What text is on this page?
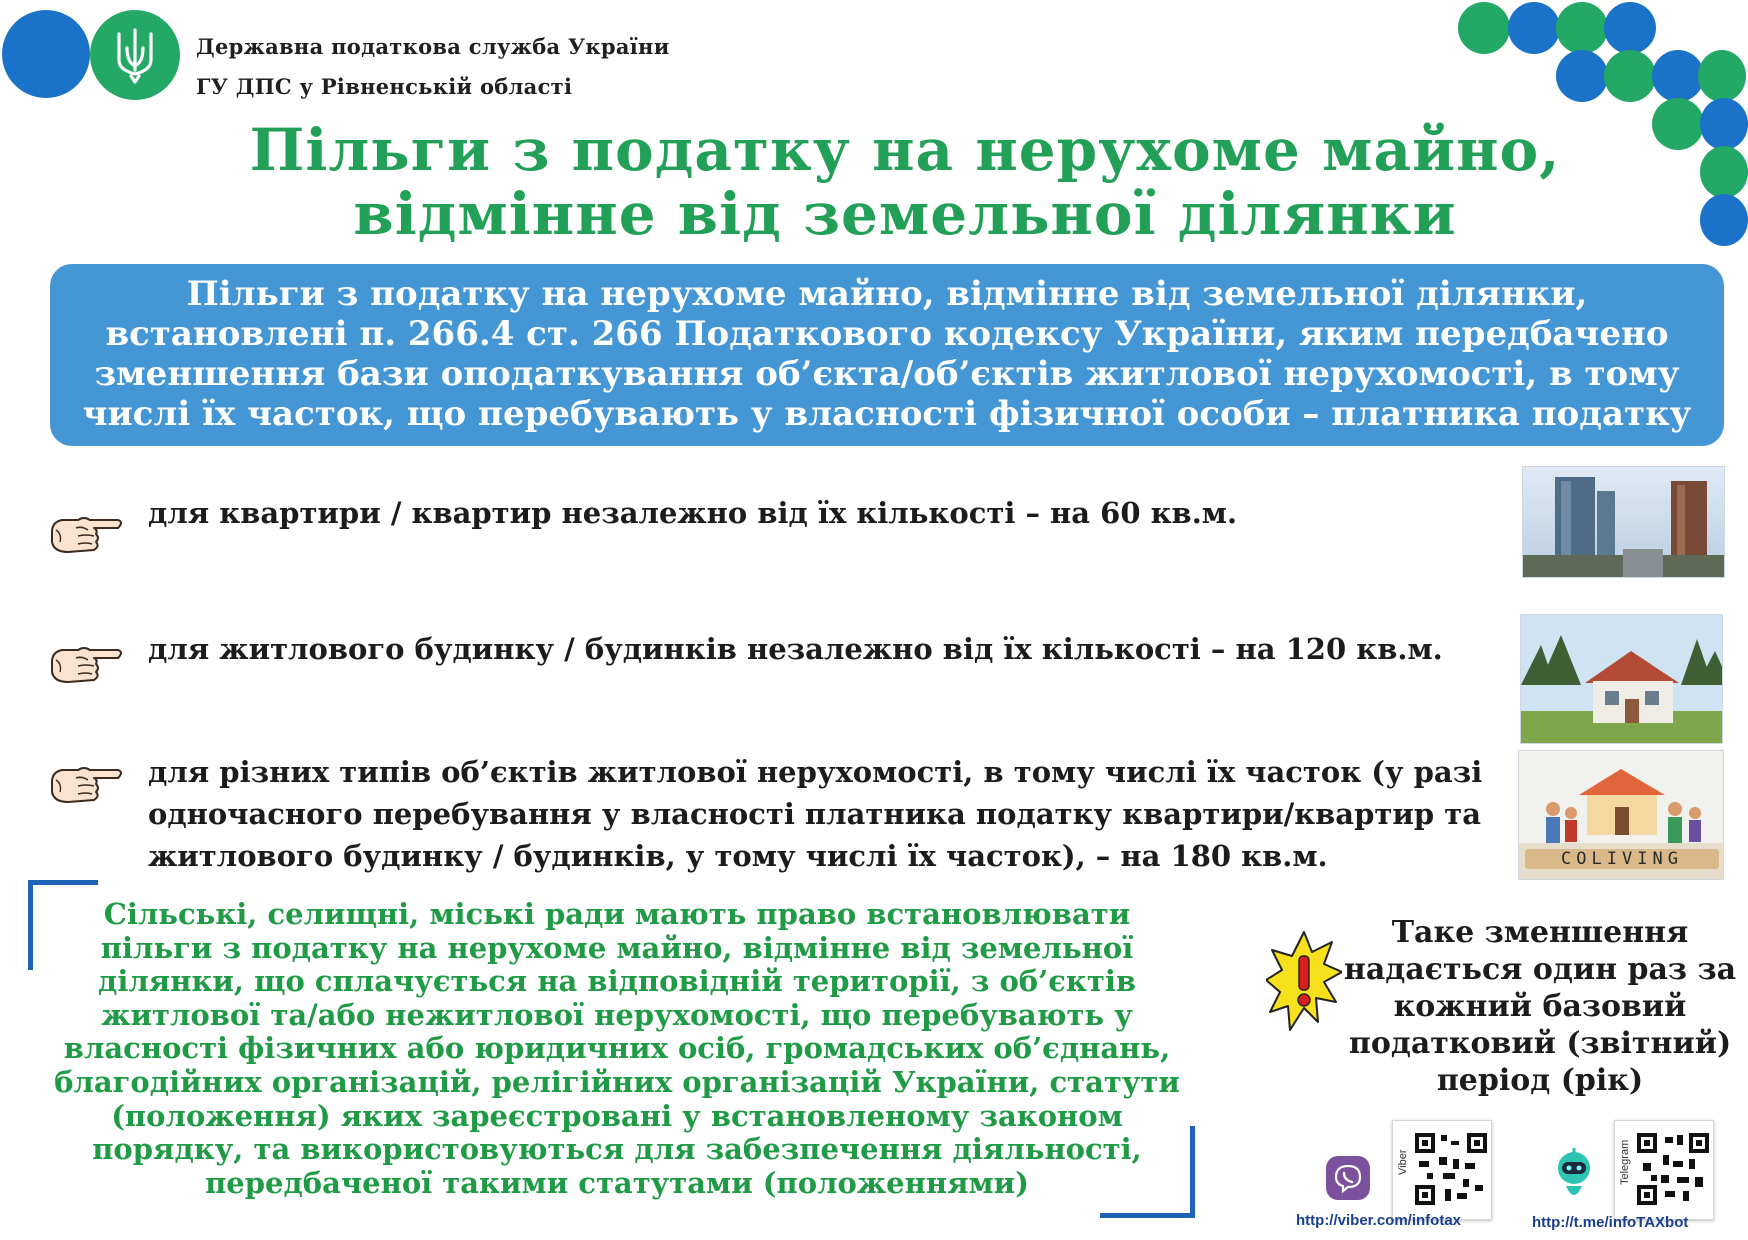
Державна податкова служба України
ГУ ДПС у Рівненській області
Пільги з податку на нерухоме майно,
відмінне від земельної ділянки
Пільги з податку на нерухоме майно, відмінне від земельної ділянки,
встановлені п. 266.4 ст. 266 Податкового кодексу України, яким передбачено
зменшення бази оподаткування об’єкта/об’єктів житлової нерухомості, в тому
числі їх часток, що перебувають у власності фізичної особи – платника податку
для квартири / квартир незалежно від їх кількості – на 60 кв.м.
для житлового будинку / будинків незалежно від їх кількості – на 120 кв.м.
для різних типів об’єктів житлової нерухомості, в тому числі їх часток (у разі
одночасного перебування у власності платника податку квартири/квартир та
житлового будинку / будинків, у тому числі їх часток), – на 180 кв.м.	COLIVING
Сільські, селищні, міські ради мають право встановлювати
пільги з податку на нерухоме майно, відмінне від земельної
ділянки, що сплачується на відповідній території, з об’єктів
житлової та/або нежитлової нерухомості, що перебувають у
власності фізичних або юридичних осіб, громадських об’єднань,
благодійних організацій, релігійних організацій України, статути
(положення) яких зареєстровані у встановленому законом
порядку, та використовуються для забезпечення діяльності,
передбаченої такими статутами (положеннями)
Таке зменшення
надається один раз за
кожний базовий
податковий (звітний)
період (рік)
Viber
http://viber.com/infotax
Telegram
http://t.me/infoTAXbot
